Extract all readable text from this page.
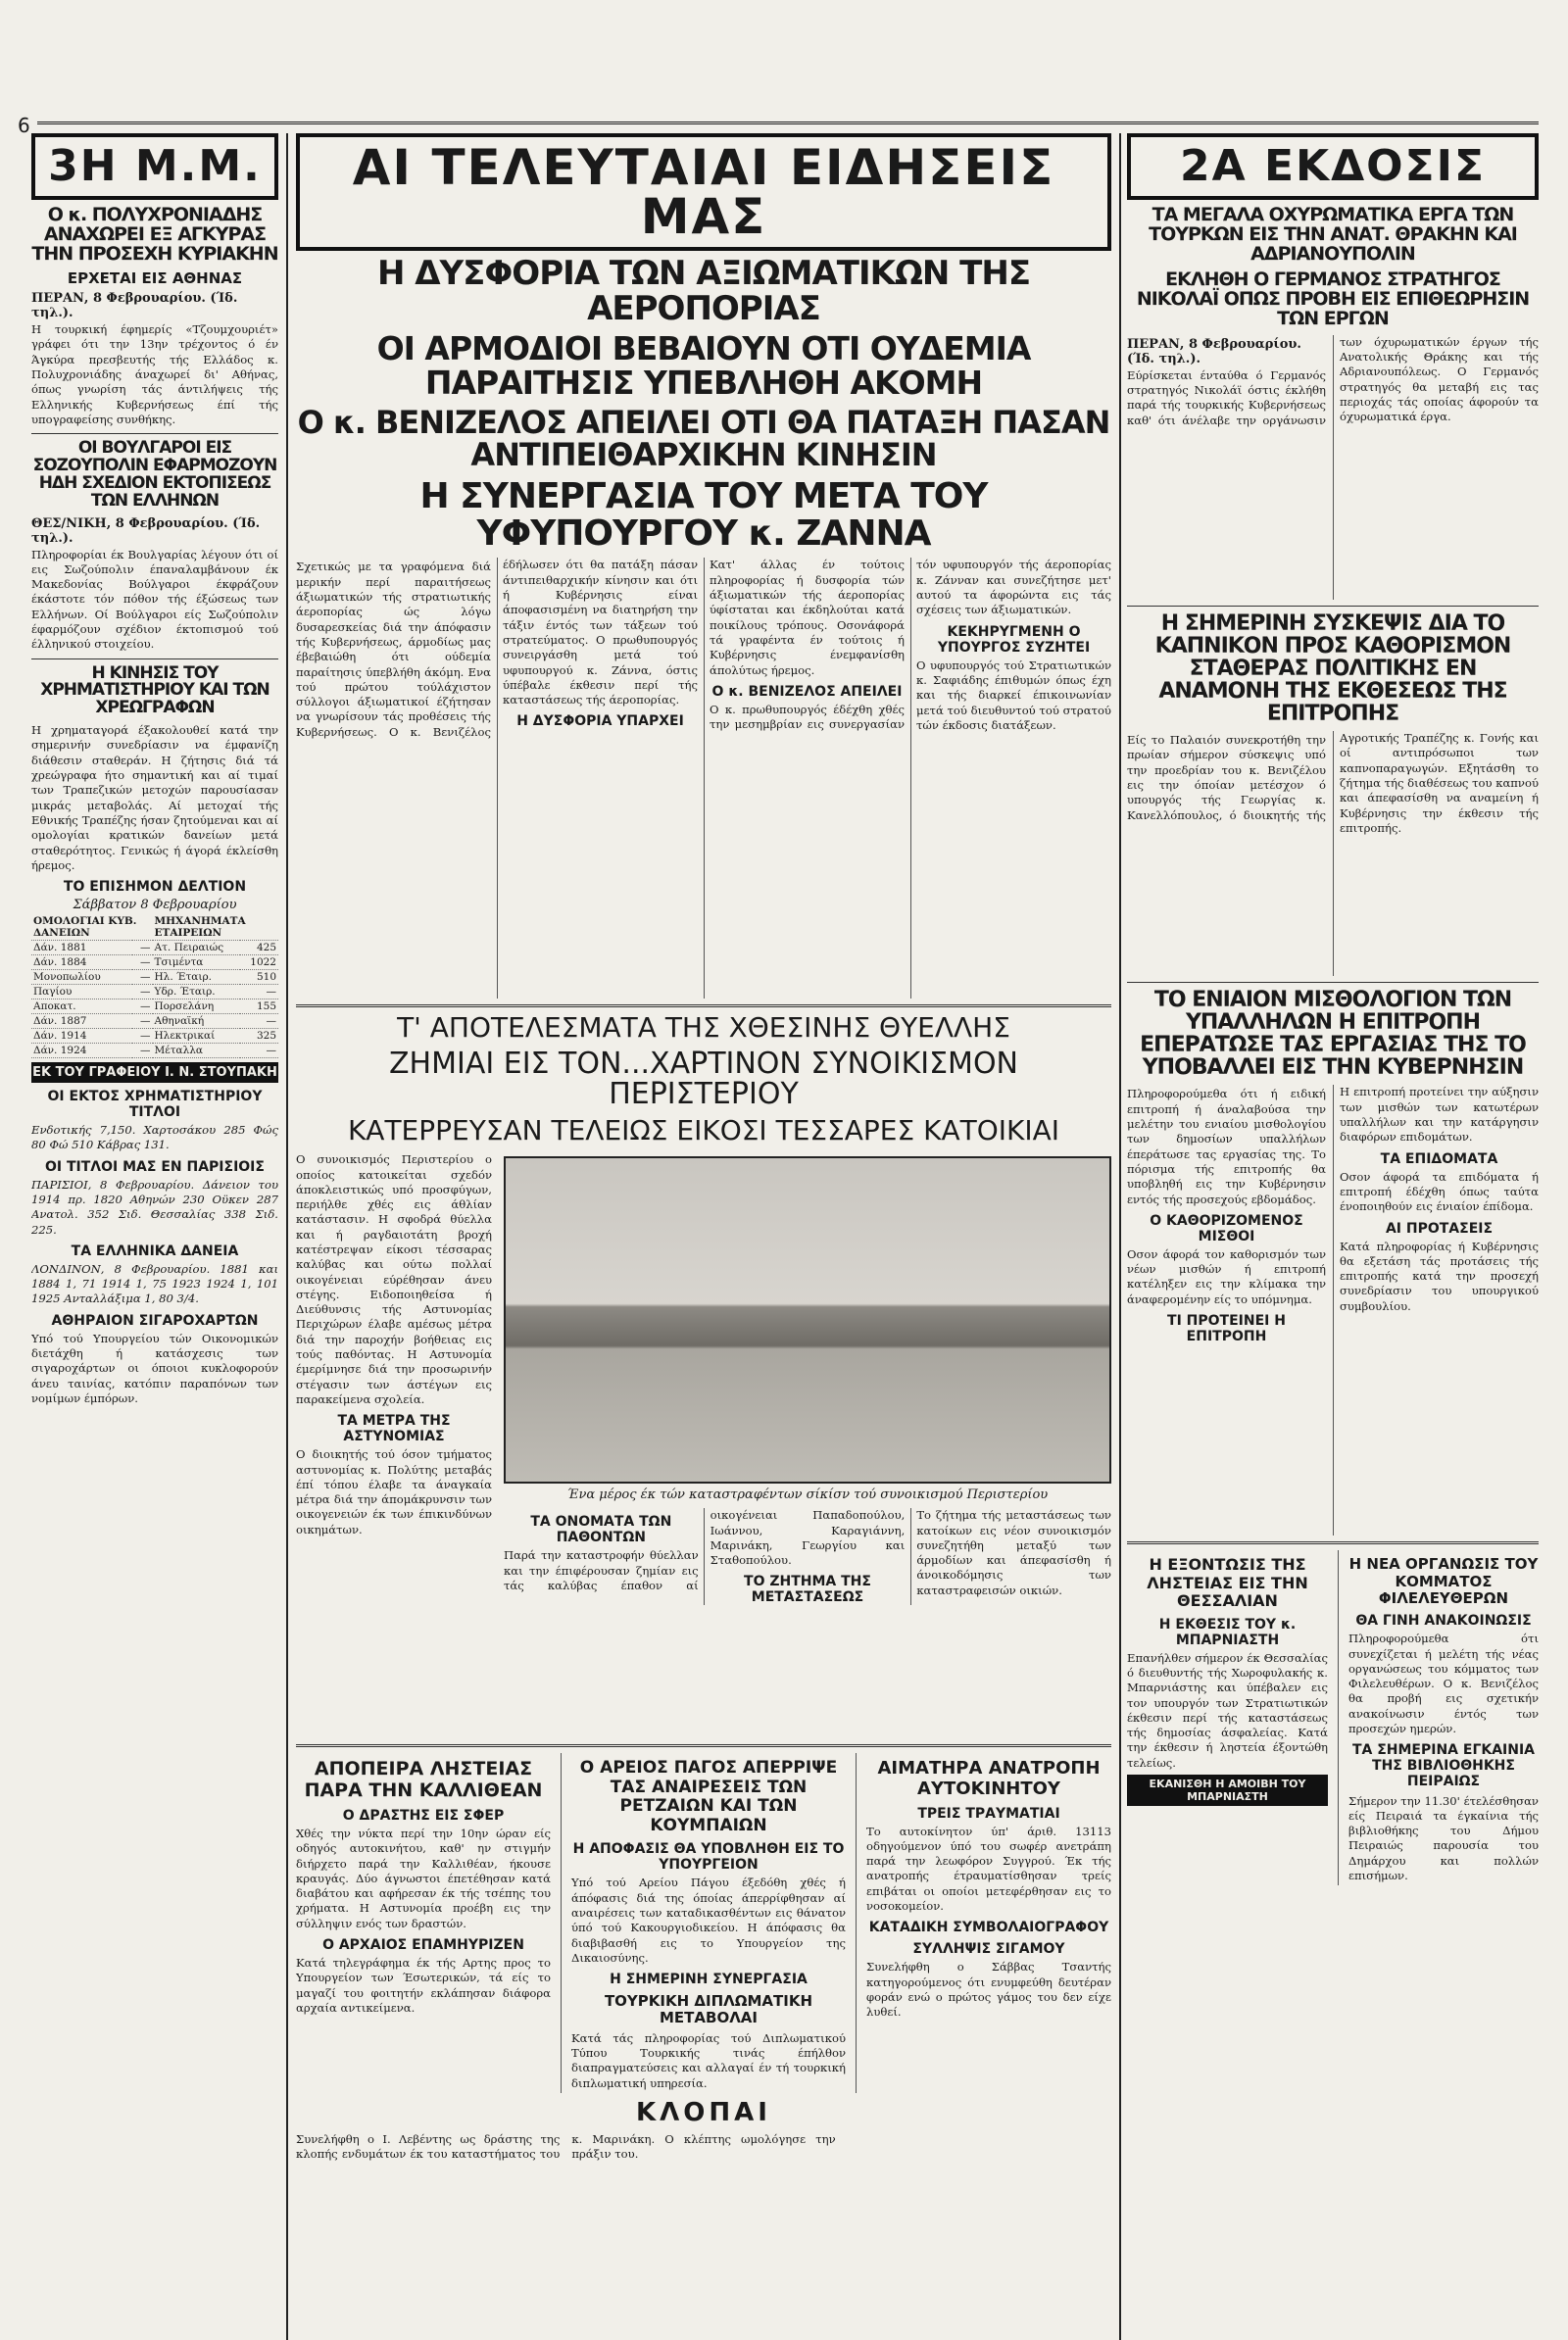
6
3Η Μ.Μ.
Ο κ. ΠΟΛΥΧΡΟΝΙΑΔΗΣ ΑΝΑΧΩΡΕΙ ΕΞ ΑΓΚΥΡΑΣ ΤΗΝ ΠΡΟΣΕΧΗ ΚΥΡΙΑΚΗΝ
ΕΡΧΕΤΑΙ ΕΙΣ ΑΘΗΝΑΣ
ΠΕΡΑΝ, 8 Φεβρουαρίου. (Ίδ. τηλ.).

Η τουρκική έφημερίς «Τζουμχουριέτ» γράφει ότι την 13ην τρέχοντος ό έν Άγκύρα πρεσβευτής τής Ελλάδος κ. Πολυχρονιάδης άναχωρεί δι' Αθήνας, όπως γνωρίση τάς άντιλήψεις τής Ελληνικής Κυβερνήσεως έπί τής υπογραφείσης συνθήκης.

ΟΙ ΒΟΥΛΓΑΡΟΙ ΕΙΣ ΣΟΖΟΥΠΟΛΙΝ ΕΦΑΡΜΟΖΟΥΝ ΗΔΗ ΣΧΕΔΙΟΝ ΕΚΤΟΠΙΣΕΩΣ ΤΩΝ ΕΛΛΗΝΩΝ
ΘΕΣ/ΝΙΚΗ, 8 Φεβρουαρίου. (Ίδ. τηλ.).

Πληροφορίαι έκ Βουλγαρίας λέγουν ότι οί εις Σωζούπολιν έπαναλαμβάνουν έκ Μακεδονίας Βούλγαροι έκφράζουν έκάστοτε τόν πόθον τής έξώσεως των Ελλήνων. Οί Βούλγαροι είς Σωζούπολιν έφαρμόζουν σχέδιον έκτοπισμού τού έλληνικού στοιχείου.

Η ΚΙΝΗΣΙΣ ΤΟΥ ΧΡΗΜΑΤΙΣΤΗΡΙΟΥ ΚΑΙ ΤΩΝ ΧΡΕΩΓΡΑΦΩΝ

Η χρηματαγορά έξακολουθεί κατά την σημερινήν συνεδρίασιν να έμφανίζη διάθεσιν σταθεράν. Η ζήτησις διά τά χρεώγραφα ήτο σημαντική και αί τιμαί των Τραπεζικών μετοχών παρουσίασαν μικράς μεταβολάς. Αί μετοχαί τής Εθνικής Τραπέζης ήσαν ζητούμεναι και αί ομολογίαι κρατικών δανείων μετά σταθερότητος. Γενικώς ή άγορά έκλείσθη ήρεμος.

ΤΟ ΕΠΙΣΗΜΟΝ ΔΕΛΤΙΟΝ
Σάββατον 8 Φεβρουαρίου
ΟΜΟΛΟΓΙΑΙ ΚΥΒ. ΔΑΝΕΙΩΝ		ΜΗΧΑΝΗΜΑΤΑ ΕΤΑΙΡΕΙΩΝ	
Δάν. 1881	—	Ατ. Πειραιώς	425
Δάν. 1884	—	Τσιμέντα	1022
Μονοπωλίου	—	Ηλ. Έταιρ.	510
Παγίου	—	Υδρ. Έταιρ.	—
Αποκατ.	—	Πορσελάνη	155
Δάν. 1887	—	Αθηναϊκή	—
Δάν. 1914	—	Ηλεκτρικαί	325
Δάν. 1924	—	Μέταλλα	—
ΕΚ ΤΟΥ ΓΡΑΦΕΙΟΥ Ι. Ν. ΣΤΟΥΠΑΚΗ
ΟΙ ΕΚΤΟΣ ΧΡΗΜΑΤΙΣΤΗΡΙΟΥ ΤΙΤΛΟΙ

Ενδοτικής 7,150. Χαρτοσάκου 285 Φώς 80 Φώ 510 Κάβρας 131.

ΟΙ ΤΙΤΛΟΙ ΜΑΣ ΕΝ ΠΑΡΙΣΙΟΙΣ

ΠΑΡΙΣΙΟΙ, 8 Φεβρουαρίου. Δάνειον του 1914 πρ. 1820 Αθηνών 230 Οϋκεν 287 Ανατολ. 352 Σιδ. Θεσσαλίας 338 Σιδ. 225.

ΤΑ ΕΛΛΗΝΙΚΑ ΔΑΝΕΙΑ

ΛΟΝΔΙΝΟΝ, 8 Φεβρουαρίου. 1881 και 1884 1, 71 1914 1, 75 1923 1924 1, 101 1925 Ανταλλάξιμα 1, 80 3/4.

ΑΘΗΡΑΙΟΝ ΣΙΓΑΡΟΧΑΡΤΩΝ

Υπό τού Υπουργείου τών Οικονομικών διετάχθη ή κατάσχεσις των σιγαροχάρτων οι όποιοι κυκλοφορούν άνευ ταινίας, κατόπιν παραπόνων των νομίμων έμπόρων.

ΑΙ ΤΕΛΕΥΤΑΙΑΙ ΕΙΔΗΣΕΙΣ ΜΑΣ
Η ΔΥΣΦΟΡΙΑ ΤΩΝ ΑΞΙΩΜΑΤΙΚΩΝ ΤΗΣ ΑΕΡΟΠΟΡΙΑΣ
ΟΙ ΑΡΜΟΔΙΟΙ ΒΕΒΑΙΟΥΝ ΟΤΙ ΟΥΔΕΜΙΑ ΠΑΡΑΙΤΗΣΙΣ ΥΠΕΒΛΗΘΗ ΑΚΟΜΗ
Ο κ. ΒΕΝΙΖΕΛΟΣ ΑΠΕΙΛΕΙ ΟΤΙ ΘΑ ΠΑΤΑΞΗ ΠΑΣΑΝ ΑΝΤΙΠΕΙΘΑΡΧΙΚΗΝ ΚΙΝΗΣΙΝ
Η ΣΥΝΕΡΓΑΣΙΑ ΤΟΥ ΜΕΤΑ ΤΟΥ ΥΦΥΠΟΥΡΓΟΥ κ. ΖΑΝΝΑ

Σχετικώς με τα γραφόμενα διά μερικήν περί παραιτήσεως άξιωματικών τής στρατιωτικής άεροπορίας ώς λόγω δυσαρεσκείας διά την άπόφασιν τής Κυβερνήσεως, άρμοδίως μας έβεβαιώθη ότι ούδεμία παραίτησις ύπεβλήθη άκόμη. Ενα τού πρώτου τούλάχιστον σύλλογοι άξιωματικοί έζήτησαν να γνωρίσουν τάς προθέσεις τής Κυβερνήσεως. Ο κ. Βενιζέλος έδήλωσεν ότι θα πατάξη πάσαν άντιπειθαρχικήν κίνησιν και ότι ή Κυβέρνησις είναι άποφασισμένη να διατηρήση την τάξιν έντός των τάξεων τού στρατεύματος. Ο πρωθυπουργός συνειργάσθη μετά τού υφυπουργού κ. Ζάννα, όστις ύπέβαλε έκθεσιν περί τής καταστάσεως τής άεροπορίας.

Η ΔΥΣΦΟΡΙΑ ΥΠΑΡΧΕΙ

Κατ' άλλας έν τούτοις πληροφορίας ή δυσφορία τών άξιωματικών τής άεροπορίας ύφίσταται και έκδηλούται κατά ποικίλους τρόπους. Οσονάφορά τά γραφέντα έν τούτοις ή Κυβέρνησις ένεμφανίσθη άπολύτως ήρεμος.

Ο κ. ΒΕΝΙΖΕΛΟΣ ΑΠΕΙΛΕΙ

Ο κ. πρωθυπουργός έδέχθη χθές την μεσημβρίαν εις συνεργασίαν τόν υφυπουργόν τής άεροπορίας κ. Ζάνναν και συνεζήτησε μετ' αυτού τα άφορώντα εις τάς σχέσεις των άξιωματικών.

ΚΕΚΗΡΥΓΜΕΝΗ Ο ΥΠΟΥΡΓΟΣ ΣΥΖΗΤΕΙ

Ο υφυπουργός τού Στρατιωτικών κ. Σαφιάδης έπιθυμών όπως έχη και τής διαρκεί έπικοινωνίαν μετά τού διευθυντού τού στρατού τών έκδοσις διατάξεων.

Τ' ΑΠΟΤΕΛΕΣΜΑΤΑ ΤΗΣ ΧΘΕΣΙΝΗΣ ΘΥΕΛΛΗΣ
ΖΗΜΙΑΙ ΕΙΣ ΤΟΝ...ΧΑΡΤΙΝΟΝ ΣΥΝΟΙΚΙΣΜΟΝ ΠΕΡΙΣΤΕΡΙΟΥ
ΚΑΤΕΡΡΕΥΣΑΝ ΤΕΛΕΙΩΣ ΕΙΚΟΣΙ ΤΕΣΣΑΡΕΣ ΚΑΤΟΙΚΙΑΙ

Ο συνοικισμός Περιστερίου ο οποίος κατοικείται σχεδόν άποκλειστικώς υπό προσφύγων, περιήλθε χθές εις άθλίαν κατάστασιν. Η σφοδρά θύελλα και ή ραγδαιοτάτη βροχή κατέστρεψαν είκοσι τέσσαρας καλύβας και ούτω πολλαί οικογένειαι εύρέθησαν άνευ στέγης. Ειδοποιηθείσα ή Διεύθυνσις τής Αστυνομίας Περιχώρων έλαβε αμέσως μέτρα διά την παροχήν βοήθειας εις τούς παθόντας. Η Αστυνομία έμερίμνησε διά την προσωρινήν στέγασιν των άστέγων εις παρακείμενα σχολεία.

ΤΑ ΜΕΤΡΑ ΤΗΣ ΑΣΤΥΝΟΜΙΑΣ

Ο διοικητής τού όσον τμήματος αστυνομίας κ. Πολύτης μεταβάς έπί τόπου έλαβε τα άναγκαία μέτρα διά την άπομάκρυνσιν των οικογενειών έκ των έπικινδύνων οικημάτων.

Ένα μέρος έκ τών καταστραφέντων σίκίσν τού συνοικισμού Περιστερίου
ΤΑ ΟΝΟΜΑΤΑ ΤΩΝ ΠΑΘΟΝΤΩΝ

Παρά την καταστροφήν θύελλαν και την έπιφέρουσαν ζημίαν εις τάς καλύβας έπαθον αί οικογένειαι Παπαδοπούλου, Ιωάννου, Καραγιάννη, Μαρινάκη, Γεωργίου και Σταθοπούλου.

ΤΟ ΖΗΤΗΜΑ ΤΗΣ ΜΕΤΑΣΤΑΣΕΩΣ

Το ζήτημα τής μεταστάσεως των κατοίκων εις νέον συνοικισμόν συνεζητήθη μεταξύ των άρμοδίων και άπεφασίσθη ή άνοικοδόμησις των καταστραφεισών οικιών.

ΑΠΟΠΕΙΡΑ ΛΗΣΤΕΙΑΣ ΠΑΡΑ ΤΗΝ ΚΑΛΛΙΘΕΑΝ
Ο ΔΡΑΣΤΗΣ ΕΙΣ ΣΦΕΡ

Χθές την νύκτα περί την 10ην ώραν είς οδηγός αυτοκινήτου, καθ' ην στιγμήν διήρχετο παρά την Καλλιθέαν, ήκουσε κραυγάς. Δύο άγνωστοι έπετέθησαν κατά διαβάτου και αφήρεσαν έκ τής τσέπης του χρήματα. Η Αστυνομία προέβη εις την σύλληψιν ενός των δραστών.

Ο ΑΡΧΑΙΟΣ ΕΠΑΜΗΥΡΙΖΕΝ

Κατά τηλεγράφημα έκ τής Αρτης προς το Υπουργείον των Έσωτερικών, τά είς το μαγαζί του φοιτητήν εκλάπησαν διάφορα αρχαία αντικείμενα.

Ο ΑΡΕΙΟΣ ΠΑΓΟΣ ΑΠΕΡΡΙΨΕ ΤΑΣ ΑΝΑΙΡΕΣΕΙΣ ΤΩΝ ΡΕΤΖΑΙΩΝ ΚΑΙ ΤΩΝ ΚΟΥΜΠΑΙΩΝ
Η ΑΠΟΦΑΣΙΣ ΘΑ ΥΠΟΒΛΗΘΗ ΕΙΣ ΤΟ ΥΠΟΥΡΓΕΙΟΝ

Υπό τού Αρείου Πάγου έξεδόθη χθές ή άπόφασις διά της όποίας άπερρίφθησαν αί αναιρέσεις των καταδικασθέντων εις θάνατον ύπό τού Κακουργιοδικείου. Η άπόφασις θα διαβιβασθή εις το Υπουργείον της Δικαιοσύνης.

Η ΣΗΜΕΡΙΝΗ ΣΥΝΕΡΓΑΣΙΑ
ΤΟΥΡΚΙΚΗ ΔΙΠΛΩΜΑΤΙΚΗ ΜΕΤΑΒΟΛΑΙ

Κατά τάς πληροφορίας τού Διπλωματικού Τύπου Τουρκικής τινάς έπήλθον διαπραγματεύσεις και αλλαγαί έν τή τουρκική διπλωματική υπηρεσία.

ΑΙΜΑΤΗΡΑ ΑΝΑΤΡΟΠΗ ΑΥΤΟΚΙΝΗΤΟΥ
ΤΡΕΙΣ ΤΡΑΥΜΑΤΙΑΙ

Το αυτοκίνητον ύπ' άριθ. 13113 οδηγούμενον ύπό του σωφέρ ανετράπη παρά την λεωφόρον Συγγρού. Έκ τής ανατροπής έτραυματίσθησαν τρείς επιβάται οι οποίοι μετεφέρθησαν εις το νοσοκομείον.

ΚΑΤΑΔΙΚΗ ΣΥΜΒΟΛΑΙΟΓΡΑΦΟΥ
ΣΥΛΛΗΨΙΣ ΣΙΓΑΜΟΥ

Συνελήφθη ο Σάββας Τσαντής κατηγορούμενος ότι ενυμφεύθη δευτέραν φοράν ενώ ο πρώτος γάμος του δεν είχε λυθεί.

ΚΛΟΠΑΙ

Συνελήφθη ο Ι. Λεβέντης ως δράστης της κλοπής ενδυμάτων έκ του καταστήματος του κ. Μαρινάκη. Ο κλέπτης ωμολόγησε την πράξιν του.

2Α ΕΚΔΟΣΙΣ
ΤΑ ΜΕΓΑΛΑ ΟΧΥΡΩΜΑΤΙΚΑ ΕΡΓΑ ΤΩΝ ΤΟΥΡΚΩΝ ΕΙΣ ΤΗΝ ΑΝΑΤ. ΘΡΑΚΗΝ ΚΑΙ ΑΔΡΙΑΝΟΥΠΟΛΙΝ
ΕΚΛΗΘΗ Ο ΓΕΡΜΑΝΟΣ ΣΤΡΑΤΗΓΟΣ ΝΙΚΟΛΑΪ ΟΠΩΣ ΠΡΟΒΗ ΕΙΣ ΕΠΙΘΕΩΡΗΣΙΝ ΤΩΝ ΕΡΓΩΝ
ΠΕΡΑΝ, 8 Φεβρουαρίου. (Ίδ. τηλ.).

Εύρίσκεται ένταύθα ό Γερμανός στρατηγός Νικολάϊ όστις έκλήθη παρά τής τουρκικής Κυβερνήσεως καθ' ότι άνέλαβε την οργάνωσιν των όχυρωματικών έργων τής Ανατολικής Θράκης και τής Αδριανουπόλεως. Ο Γερμανός στρατηγός θα μεταβή εις τας περιοχάς τάς οποίας άφορούν τα όχυρωματικά έργα.

Η ΣΗΜΕΡΙΝΗ ΣΥΣΚΕΨΙΣ ΔΙΑ ΤΟ ΚΑΠΝΙΚΟΝ ΠΡΟΣ ΚΑΘΟΡΙΣΜΟΝ ΣΤΑΘΕΡΑΣ ΠΟΛΙΤΙΚΗΣ ΕΝ ΑΝΑΜΟΝΗ ΤΗΣ ΕΚΘΕΣΕΩΣ ΤΗΣ ΕΠΙΤΡΟΠΗΣ

Είς το Παλαιόν συνεκροτήθη την πρωίαν σήμερον σύσκεψις υπό την προεδρίαν του κ. Βενιζέλου εις την όποίαν μετέσχον ό υπουργός τής Γεωργίας κ. Κανελλόπουλος, ό διοικητής τής Αγροτικής Τραπέζης κ. Γονής και οί αντιπρόσωποι των καπνοπαραγωγών. Εξητάσθη το ζήτημα τής διαθέσεως του καπνού και άπεφασίσθη να αναμείνη ή Κυβέρνησις την έκθεσιν τής επιτροπής.

ΤΟ ΕΝΙΑΙΟΝ ΜΙΣΘΟΛΟΓΙΟΝ ΤΩΝ ΥΠΑΛΛΗΛΩΝ Η ΕΠΙΤΡΟΠΗ ΕΠΕΡΑΤΩΣΕ ΤΑΣ ΕΡΓΑΣΙΑΣ ΤΗΣ ΤΟ ΥΠΟΒΑΛΛΕΙ ΕΙΣ ΤΗΝ ΚΥΒΕΡΝΗΣΙΝ

Πληροφορούμεθα ότι ή ειδική επιτροπή ή άναλαβούσα την μελέτην του ενιαίου μισθολογίου των δημοσίων υπαλλήλων έπεράτωσε τας εργασίας της. Το πόρισμα τής επιτροπής θα υποβληθή εις την Κυβέρνησιν εντός τής προσεχούς εβδομάδος.

Ο ΚΑΘΟΡΙΖΟΜΕΝΟΣ ΜΙΣΘΟΙ

Οσον άφορά τον καθορισμόν των νέων μισθών ή επιτροπή κατέληξεν εις την κλίμακα την άναφερομένην είς το υπόμνημα.

ΤΙ ΠΡΟΤΕΙΝΕΙ Η ΕΠΙΤΡΟΠΗ

Η επιτροπή προτείνει την αύξησιν των μισθών των κατωτέρων υπαλλήλων και την κατάργησιν διαφόρων επιδομάτων.

ΤΑ ΕΠΙΔΟΜΑΤΑ

Οσον άφορά τα επιδόματα ή επιτροπή έδέχθη όπως ταύτα ένοποιηθούν εις ένιαίον έπίδομα.

ΑΙ ΠΡΟΤΑΣΕΙΣ

Κατά πληροφορίας ή Κυβέρνησις θα εξετάση τάς προτάσεις τής επιτροπής κατά την προσεχή συνεδρίασιν του υπουργικού συμβουλίου.

Η ΕΞΟΝΤΩΣΙΣ ΤΗΣ ΛΗΣΤΕΙΑΣ ΕΙΣ ΤΗΝ ΘΕΣΣΑΛΙΑΝ
Η ΕΚΘΕΣΙΣ ΤΟΥ κ. ΜΠΑΡΝΙΑΣΤΗ

Επανήλθεν σήμερον έκ Θεσσαλίας ό διευθυντής τής Χωροφυλακής κ. Μπαρνιάστης και ύπέβαλεν εις τον υπουργόν των Στρατιωτικών έκθεσιν περί τής καταστάσεως τής δημοσίας άσφαλείας. Κατά την έκθεσιν ή ληστεία έξοντώθη τελείως.

ΕΚΑΝΙΣΘΗ Η ΑΜΟΙΒΗ ΤΟΥ ΜΠΑΡΝΙΑΣΤΗ
Η ΝΕΑ ΟΡΓΑΝΩΣΙΣ ΤΟΥ ΚΟΜΜΑΤΟΣ ΦΙΛΕΛΕΥΘΕΡΩΝ
ΘΑ ΓΙΝΗ ΑΝΑΚΟΙΝΩΣΙΣ

Πληροφορούμεθα ότι συνεχίζεται ή μελέτη τής νέας οργανώσεως του κόμματος των Φιλελευθέρων. Ο κ. Βενιζέλος θα προβή εις σχετικήν ανακοίνωσιν έντός των προσεχών ημερών.

ΤΑ ΣΗΜΕΡΙΝΑ ΕΓΚΑΙΝΙΑ ΤΗΣ ΒΙΒΛΙΟΘΗΚΗΣ ΠΕΙΡΑΙΩΣ

Σήμερον την 11.30' έτελέσθησαν είς Πειραιά τα έγκαίνια τής βιβλιοθήκης του Δήμου Πειραιώς παρουσία του Δημάρχου και πολλών επισήμων.
